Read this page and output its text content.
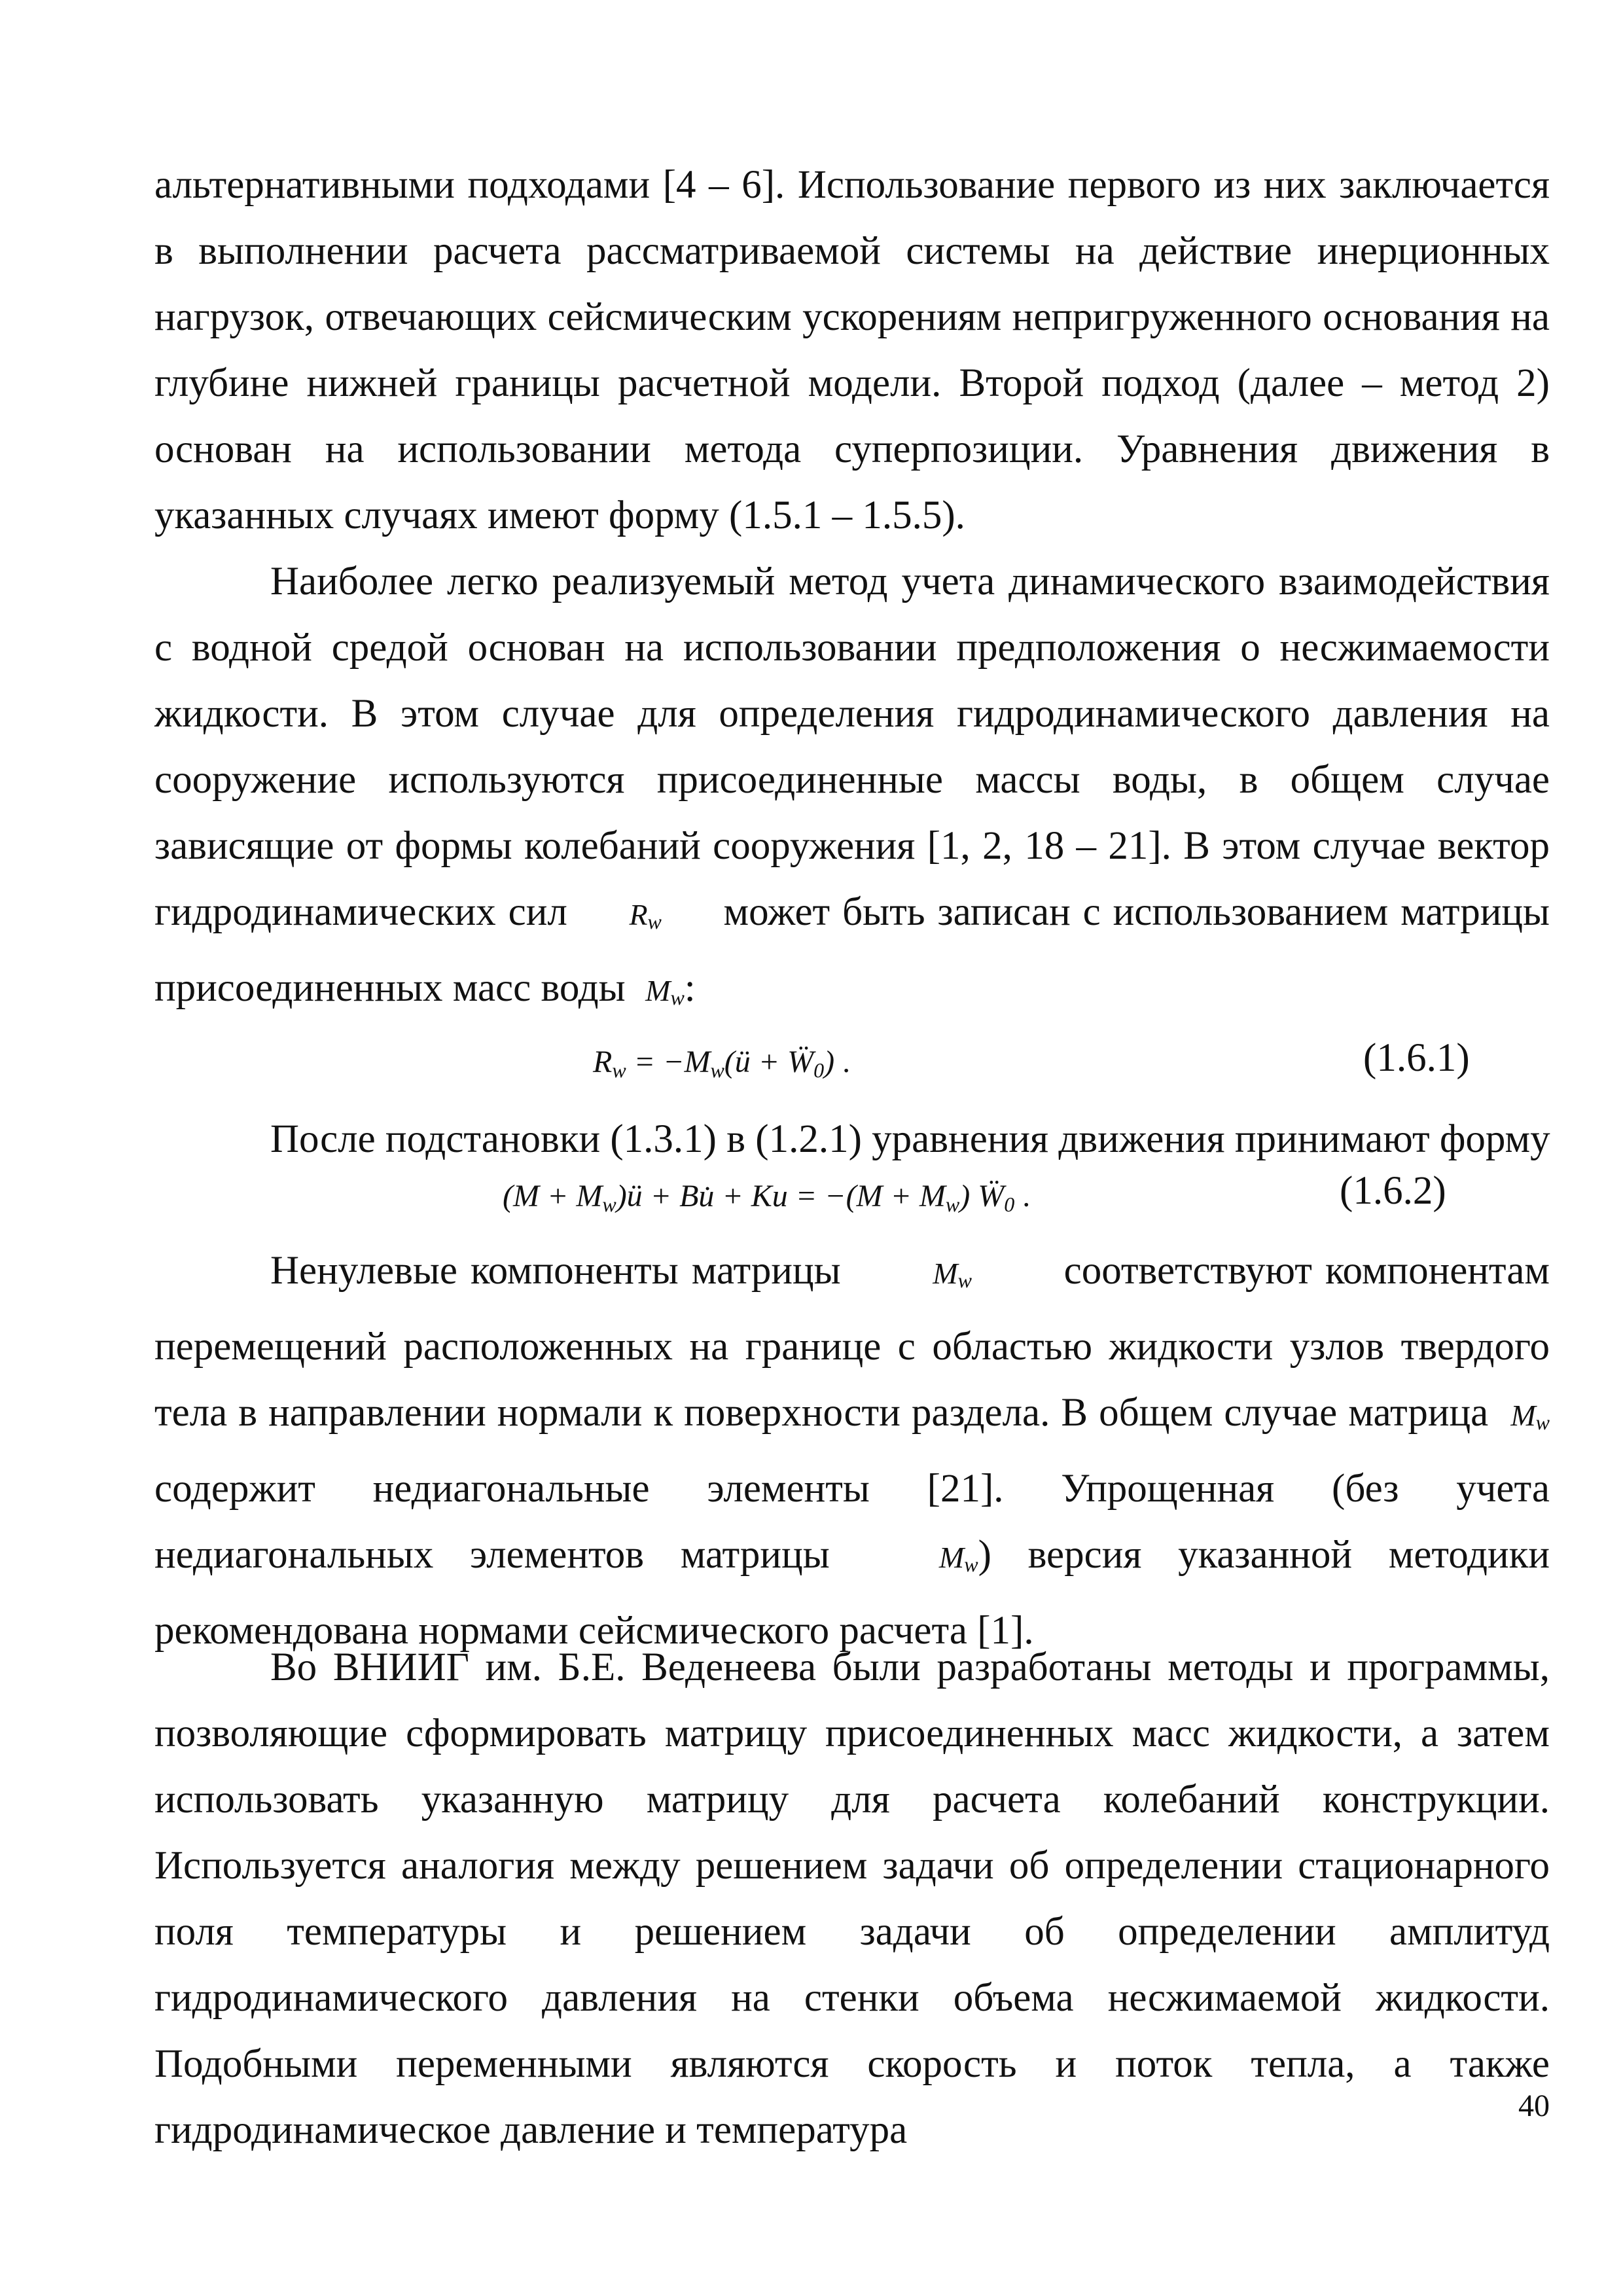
альтернативными подходами [4 – 6]. Использование первого из них заключается в выполнении расчета рассматриваемой системы на действие инерционных нагрузок, отвечающих сейсмическим ускорениям непригруженного основания на глубине нижней границы расчетной модели. Второй подход (далее – метод 2) основан на использовании метода суперпозиции. Уравнения движения в указанных случаях имеют форму (1.5.1 – 1.5.5).

Наиболее легко реализуемый метод учета динамического взаимодействия с водной средой основан на использовании предположения о несжимаемости жидкости. В этом случае для определения гидродинамического давления на сооружение используются присоединенные массы воды, в общем случае зависящие от формы колебаний сооружения [1, 2, 18 – 21]. В этом случае вектор гидродинамических сил $R_w$ может быть записан с использованием матрицы присоединенных масс воды $M_w$:

$R_w$ = $-M_w(ü$ + Ẅ$_0$) .	(1.6.1)

После подстановки (1.3.1) в (1.2.1) уравнения движения принимают форму

$(M + M_w)ü$ + Bu̇ + $Ku = -(M + M_w)$ Ẅ$_0$ .	(1.6.2)

Ненулевые компоненты матрицы	$M_w$ соответствуют компонентам перемещений расположенных на границе с областью жидкости узлов твердого тела в направлении нормали к поверхности раздела. В общем случае матрица $M_w$ содержит недиагональные элементы [21]. Упрощенная (без учета недиагональных элементов матрицы	$M_w$) версия указанной методики рекомендована нормами сейсмического расчета [1].

Во ВНИИГ им. Б.Е. Веденеева были разработаны методы и программы, позволяющие сформировать матрицу присоединенных масс жидкости, а затем использовать указанную матрицу для расчета колебаний конструкции. Используется аналогия между решением задачи об определении стационарного поля температуры и решением задачи об определении амплитуд гидродинамического давления на стенки объема несжимаемой жидкости. Подобными переменными являются скорость и поток тепла, а также гидродинамическое давление и температура

40
